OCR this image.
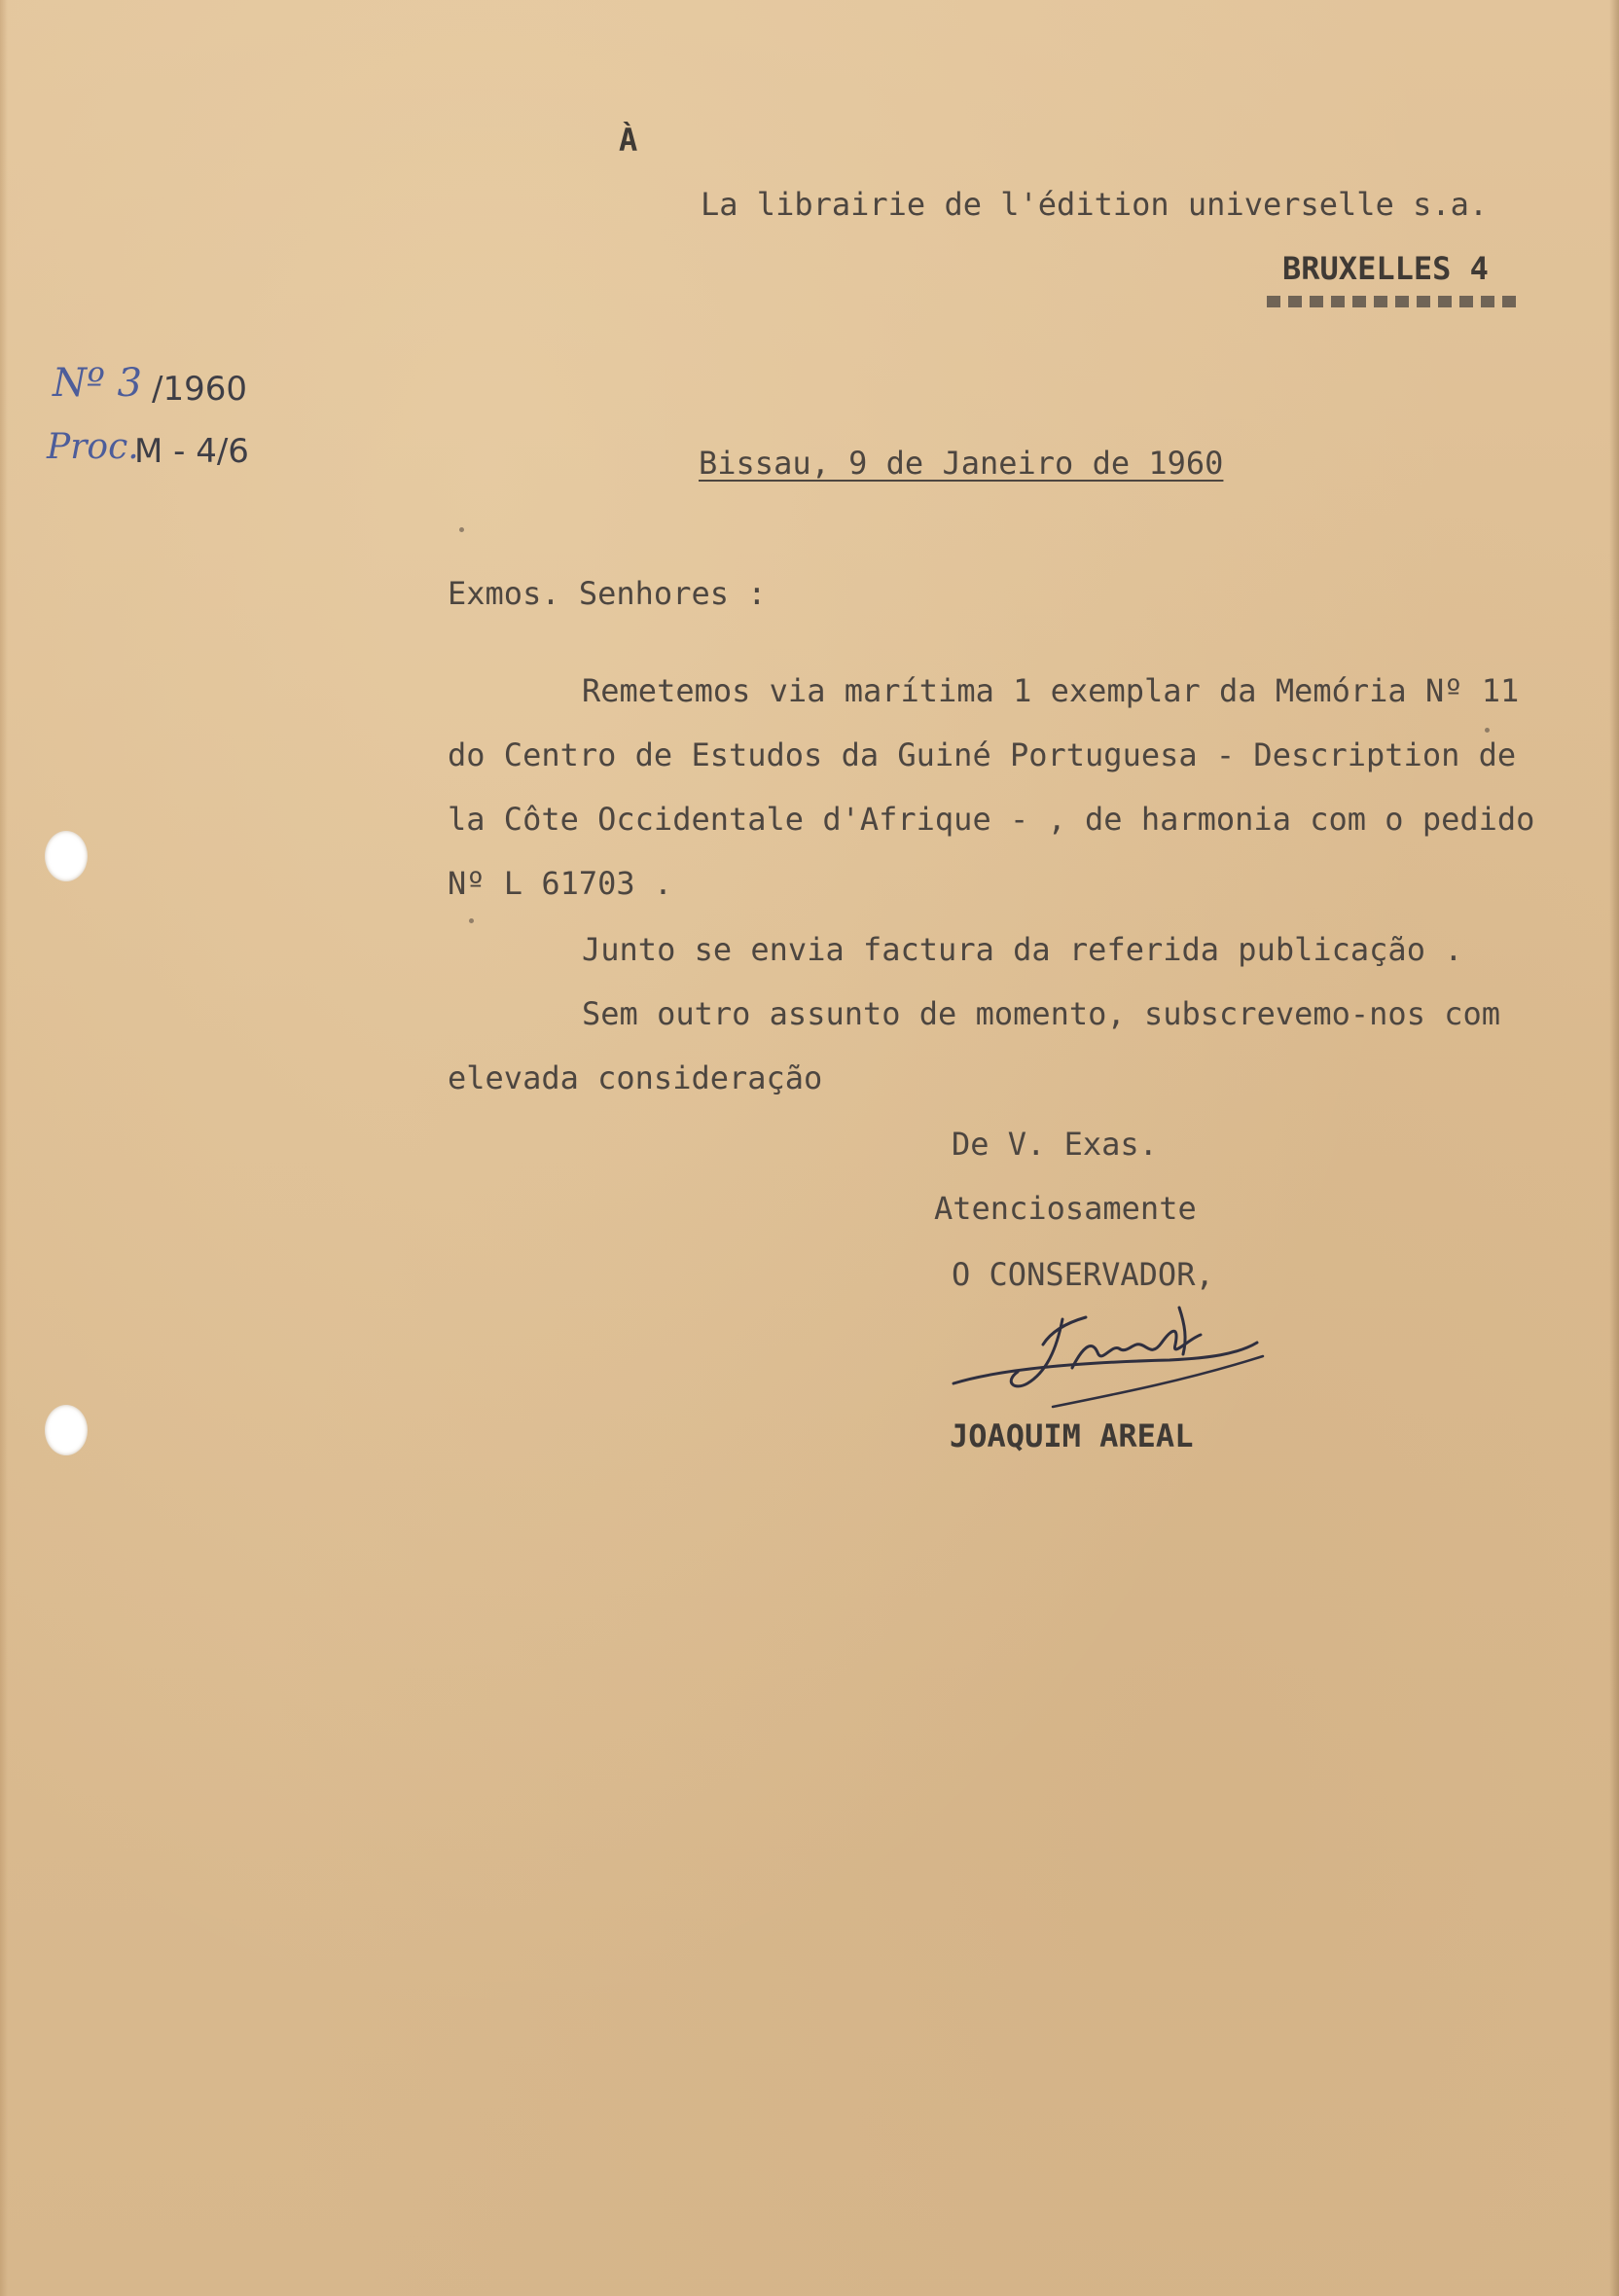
À

La librairie de l'édition universelle s.a.

BRUXELLES 4

Nº 3 /1960

Proc.

M - 4/6	Bissau, 9 de Janeiro de 1960

Exmos. Senhores :

Remetemos via marítima 1 exemplar da Memória Nº 11

do Centro de Estudos da Guiné Portuguesa - Description de

la Côte Occidentale d'Afrique - , de harmonia com o pedido

Nº L 61703 .

Junto se envia factura da referida publicação .

Sem outro assunto de momento, subscrevemo-nos com

elevada consideração

De V. Exas.

Atenciosamente

O CONSERVADOR,

JOAQUIM AREAL
